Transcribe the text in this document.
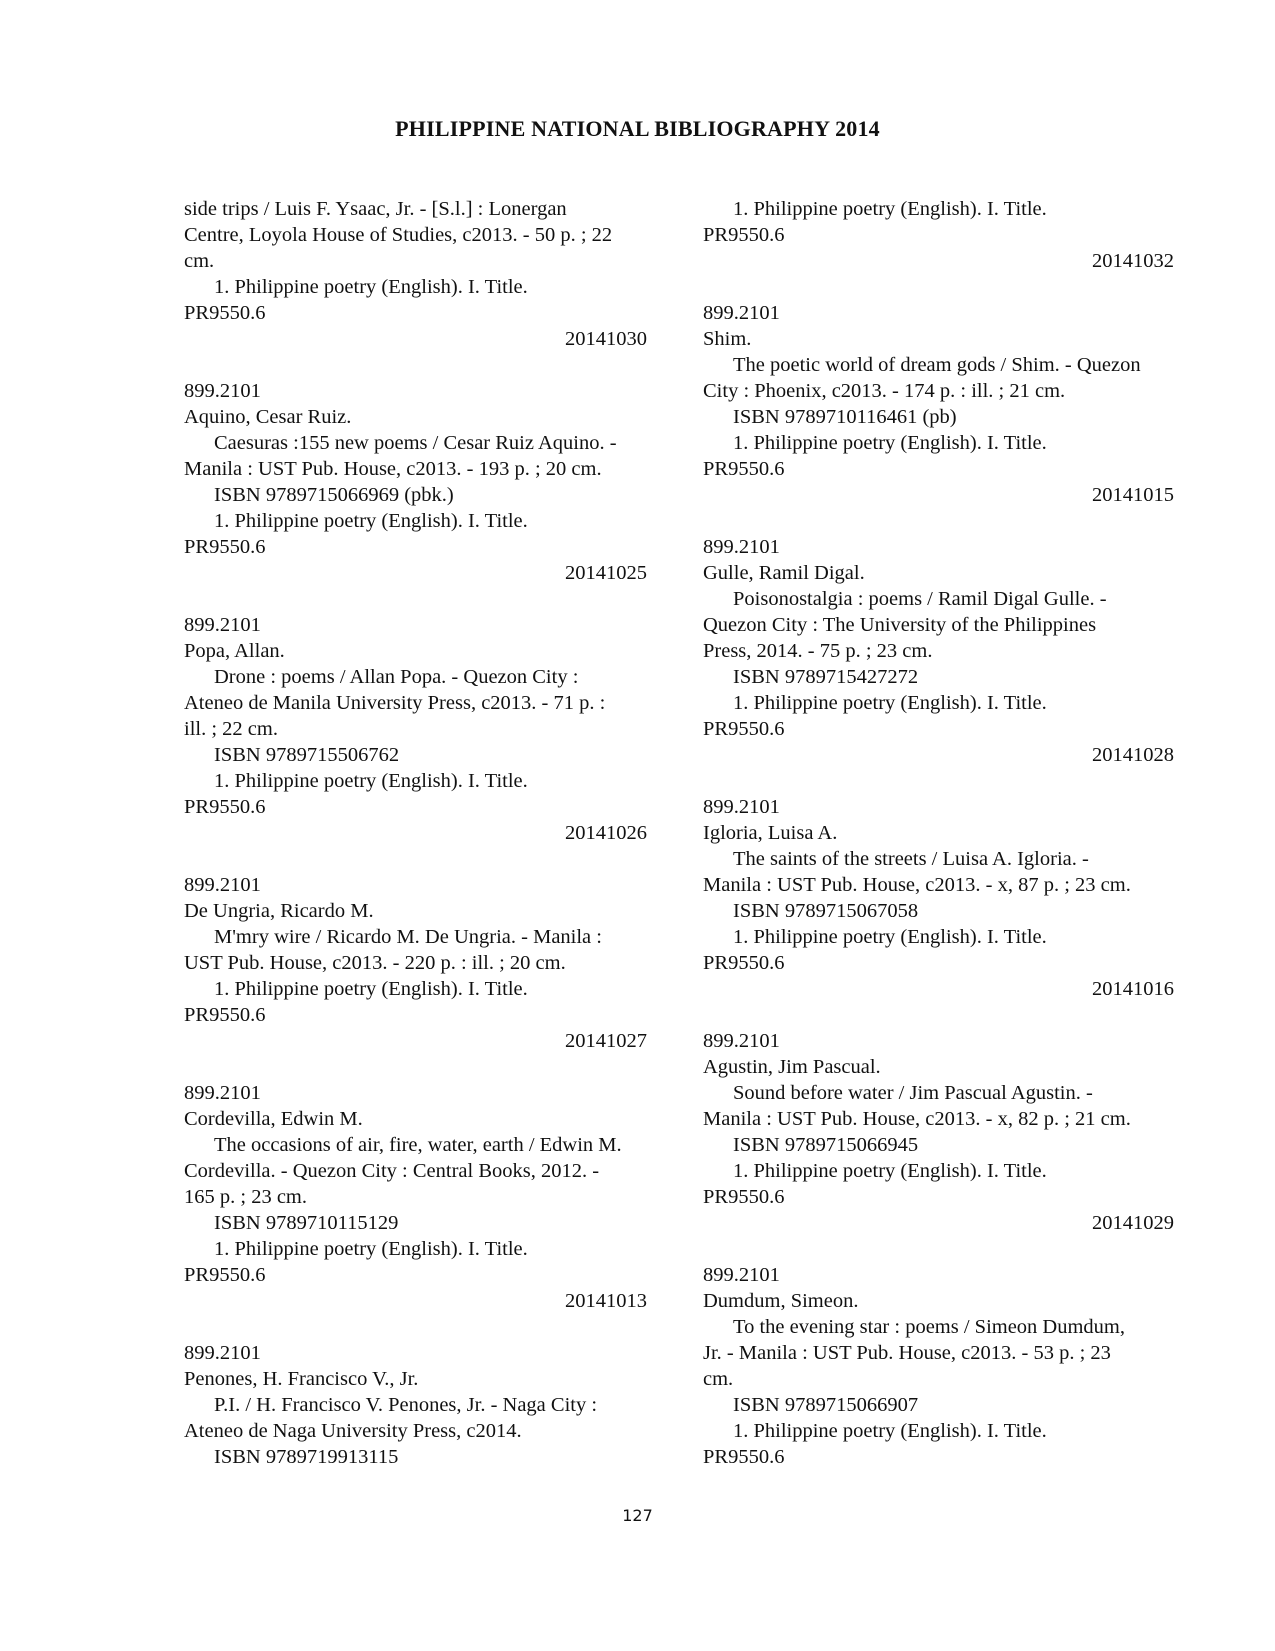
PHILIPPINE NATIONAL BIBLIOGRAPHY 2014
side trips / Luis F. Ysaac, Jr. - [S.l.] : Lonergan
Centre, Loyola House of Studies, c2013. - 50 p. ; 22
cm.
1. Philippine poetry (English). I. Title.
PR9550.6
20141030
899.2101
Aquino, Cesar Ruiz.
Caesuras :155 new poems / Cesar Ruiz Aquino. -
Manila : UST Pub. House, c2013. - 193 p. ; 20 cm.
ISBN 9789715066969 (pbk.)
1. Philippine poetry (English). I. Title.
PR9550.6
20141025
899.2101
Popa, Allan.
Drone : poems / Allan Popa. - Quezon City :
Ateneo de Manila University Press, c2013. - 71 p. :
ill. ; 22 cm.
ISBN 9789715506762
1. Philippine poetry (English). I. Title.
PR9550.6
20141026
899.2101
De Ungria, Ricardo M.
M'mry wire / Ricardo M. De Ungria. - Manila :
UST Pub. House, c2013. - 220 p. : ill. ; 20 cm.
1. Philippine poetry (English). I. Title.
PR9550.6
20141027
899.2101
Cordevilla, Edwin M.
The occasions of air, fire, water, earth / Edwin M.
Cordevilla. - Quezon City : Central Books, 2012. -
165 p. ; 23 cm.
ISBN 9789710115129
1. Philippine poetry (English). I. Title.
PR9550.6
20141013
899.2101
Penones, H. Francisco V., Jr.
P.I. / H. Francisco V. Penones, Jr. - Naga City :
Ateneo de Naga University Press, c2014.
ISBN 9789719913115
1. Philippine poetry (English). I. Title.
PR9550.6
20141032
899.2101
Shim.
The poetic world of dream gods / Shim. - Quezon
City : Phoenix, c2013. - 174 p. : ill. ; 21 cm.
ISBN 9789710116461 (pb)
1. Philippine poetry (English). I. Title.
PR9550.6
20141015
899.2101
Gulle, Ramil Digal.
Poisonostalgia : poems / Ramil Digal Gulle. -
Quezon City : The University of the Philippines
Press, 2014. - 75 p. ; 23 cm.
ISBN 9789715427272
1. Philippine poetry (English). I. Title.
PR9550.6
20141028
899.2101
Igloria, Luisa A.
The saints of the streets / Luisa A. Igloria. -
Manila : UST Pub. House, c2013. - x, 87 p. ; 23 cm.
ISBN 9789715067058
1. Philippine poetry (English). I. Title.
PR9550.6
20141016
899.2101
Agustin, Jim Pascual.
Sound before water / Jim Pascual Agustin. -
Manila : UST Pub. House, c2013. - x, 82 p. ; 21 cm.
ISBN 9789715066945
1. Philippine poetry (English). I. Title.
PR9550.6
20141029
899.2101
Dumdum, Simeon.
To the evening star : poems / Simeon Dumdum,
Jr. - Manila : UST Pub. House, c2013. - 53 p. ; 23
cm.
ISBN 9789715066907
1. Philippine poetry (English). I. Title.
PR9550.6
127
